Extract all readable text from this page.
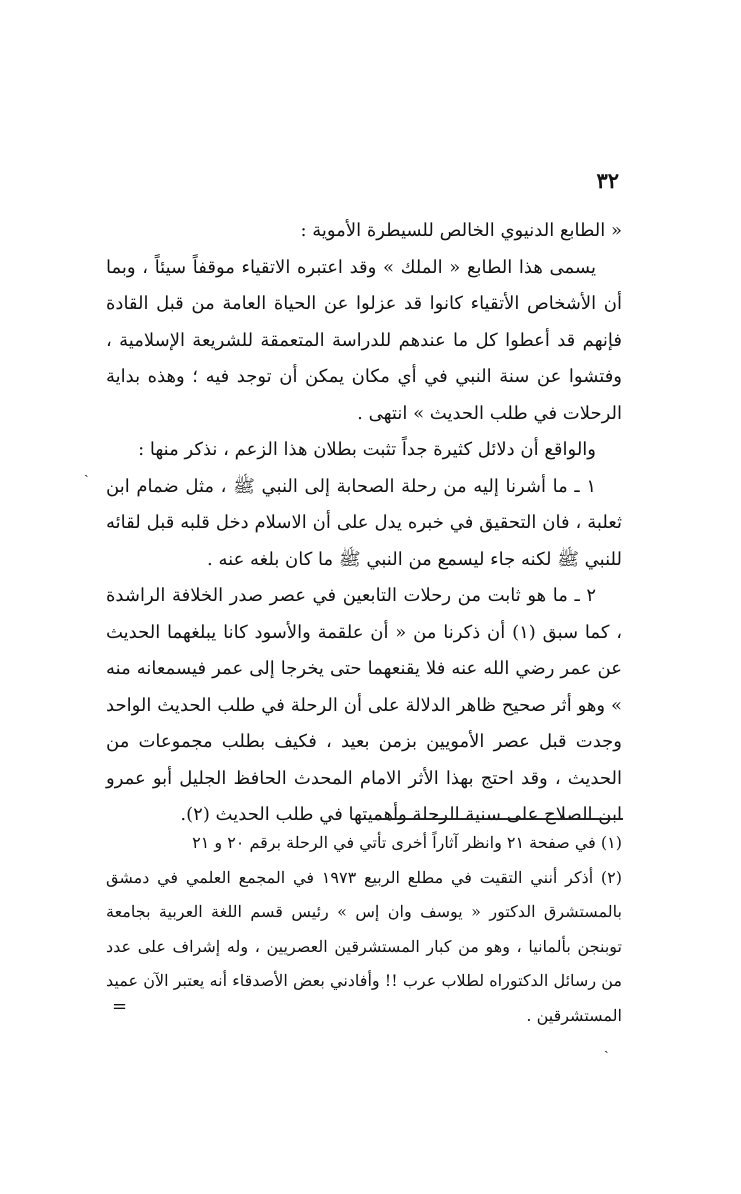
٣٢

« الطابع الدنيوي الخالص للسيطرة الأموية :

يسمى هذا الطابع « الملك » وقد اعتبره الاتقياء موقفاً سيئاً ، وبما أن الأشخاص الأتقياء كانوا قد عزلوا عن الحياة العامة من قبل القادة فإنهم قد أعطوا كل ما عندهم للدراسة المتعمقة للشريعة الإسلامية ، وفتشوا عن سنة النبي في أي مكان يمكن أن توجد فيه ؛ وهذه بداية الرحلات في طلب الحديث » انتهى .

والواقع أن دلائل كثيرة جداً تثبت بطلان هذا الزعم ، نذكر منها :

١ ـ ما أشرنا إليه من رحلة الصحابة إلى النبي ﷺ ، مثل ضمام ابن ثعلبة ، فان التحقيق في خبره يدل على أن الاسلام دخل قلبه قبل لقائه للنبي ﷺ لكنه جاء ليسمع من النبي ﷺ ما كان بلغه عنه .

٢ ـ ما هو ثابت من رحلات التابعين في عصر صدر الخلافة الراشدة ، كما سبق (١) أن ذكرنا من « أن علقمة والأسود كانا يبلغهما الحديث عن عمر رضي الله عنه فلا يقنعهما حتى يخرجا إلى عمر فيسمعانه منه » وهو أثر صحيح ظاهر الدلالة على أن الرحلة في طلب الحديث الواحد وجدت قبل عصر الأمويين بزمن بعيد ، فكيف بطلب مجموعات من الحديث ، وقد احتج بهذا الأثر الامام المحدث الحافظ الجليل أبو عمرو ابن الصلاح على سنية الرحلة وأهميتها في طلب الحديث (٢).

ˎ

(١) في صفحة ٢١ وانظر آثاراً أخرى تأتي في الرحلة برقم ٢٠ و ٢١

(٢) أذكر أنني التقيت في مطلع الربيع ١٩٧٣ في المجمع العلمي في دمشق بالمستشرق الدكتور « يوسف وان إس » رئيس قسم اللغة العربية بجامعة توبنجن بألمانيا ، وهو من كبار المستشرقين العصريين ، وله إشراف على عدد من رسائل الدكتوراه لطلاب عرب !! وأفادني بعض الأصدقاء أنه يعتبر الآن عميد المستشرقين .

=
ˏ
